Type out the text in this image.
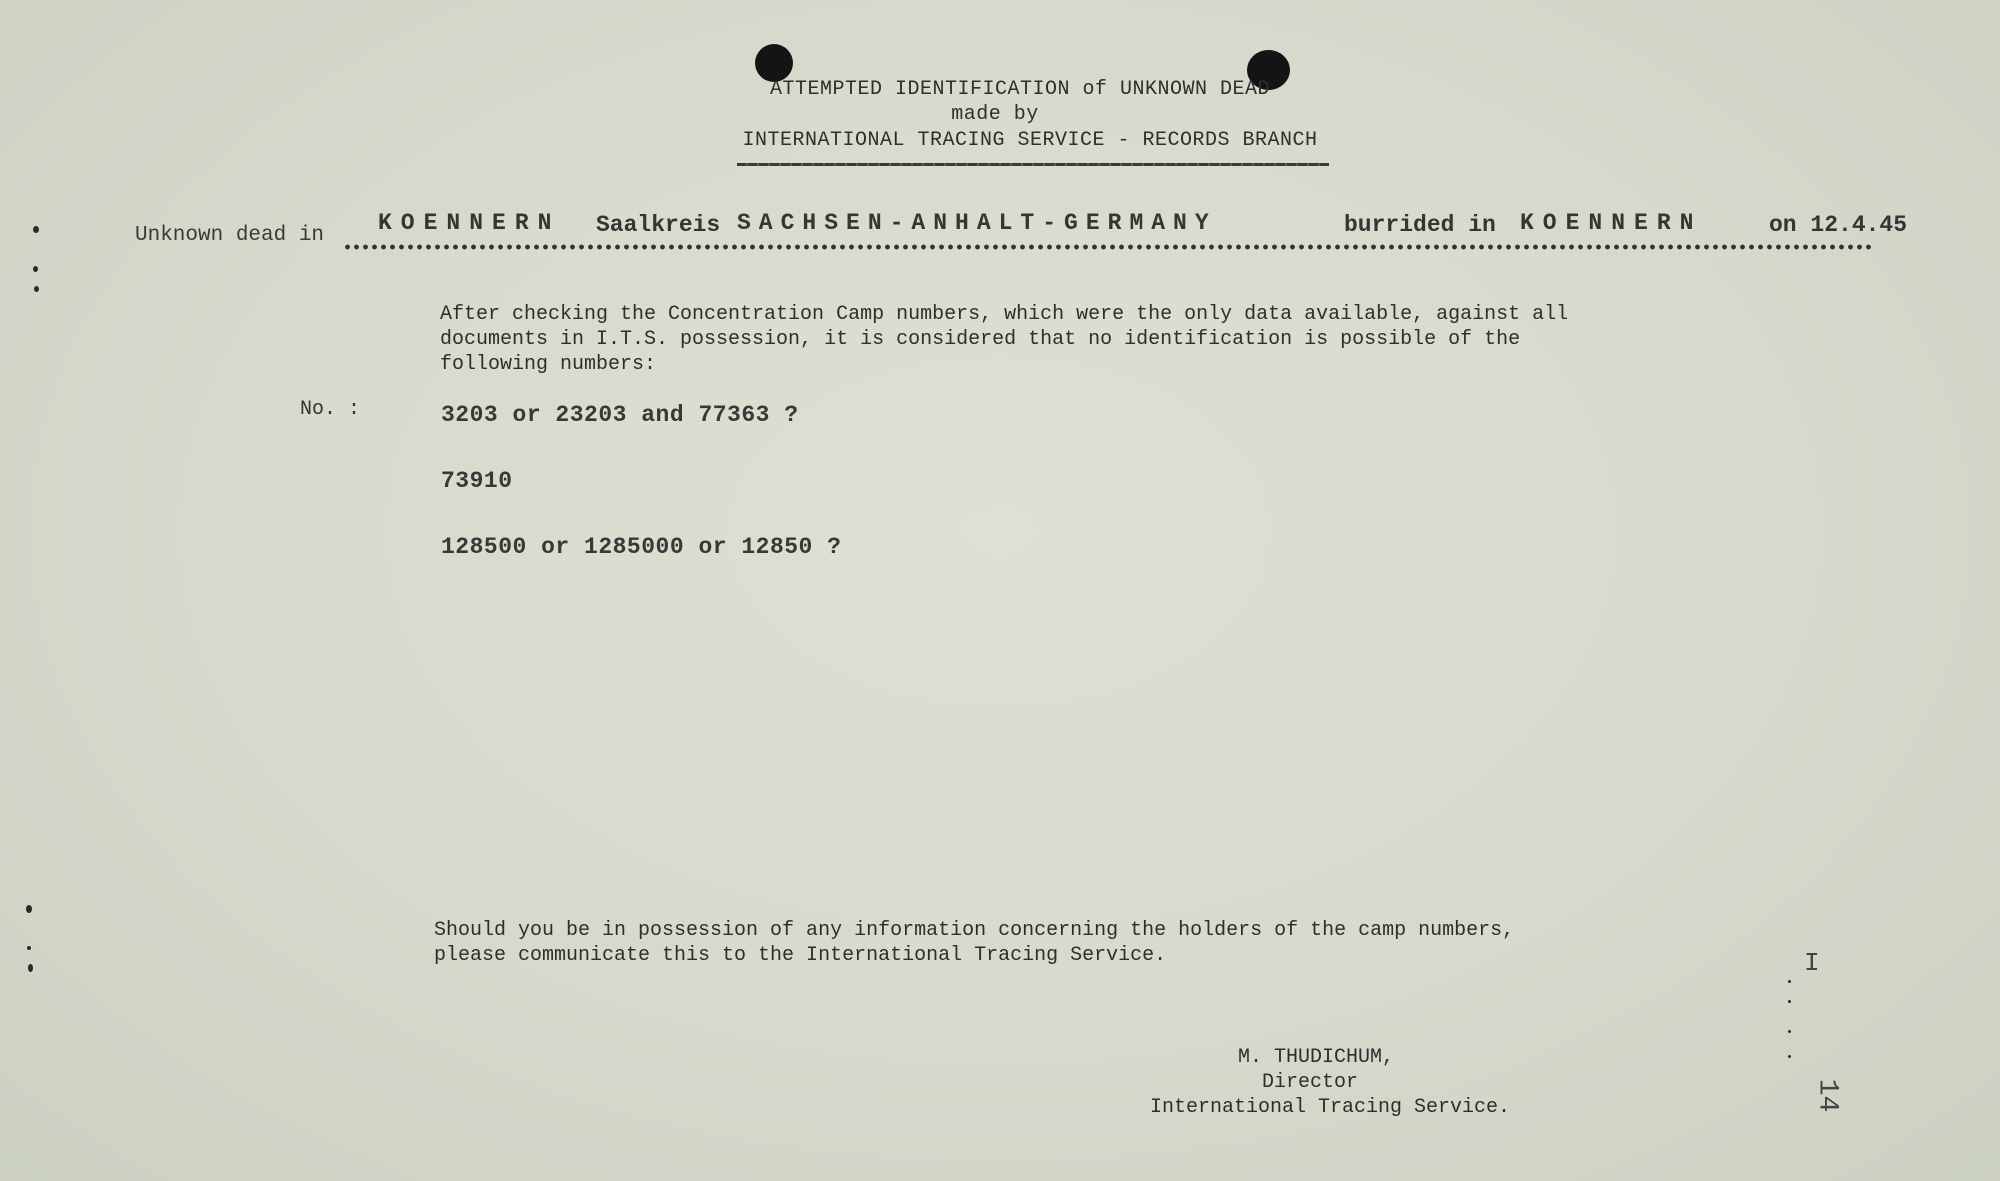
ATTEMPTED IDENTIFICATION of UNKNOWN DEAD
made by
INTERNATIONAL TRACING SERVICE - RECORDS BRANCH
Unknown dead in KOENNERN Saalkreis SACHSEN-ANHALT-GERMANY	burrided in KOENNERN	on 12.4.45
After checking the Concentration Camp numbers, which were the only data available, against all
documents in I.T.S. possession, it is considered that no identification is possible of the
following numbers:
No. :	3203 or 23203 and 77363 ?
73910
128500 or 1285000 or 12850 ?
Should you be in possession of any information concerning the holders of the camp numbers,
please communicate this to the International Tracing Service.
M. THUDICHUM,
Director
International Tracing Service.	14
I
